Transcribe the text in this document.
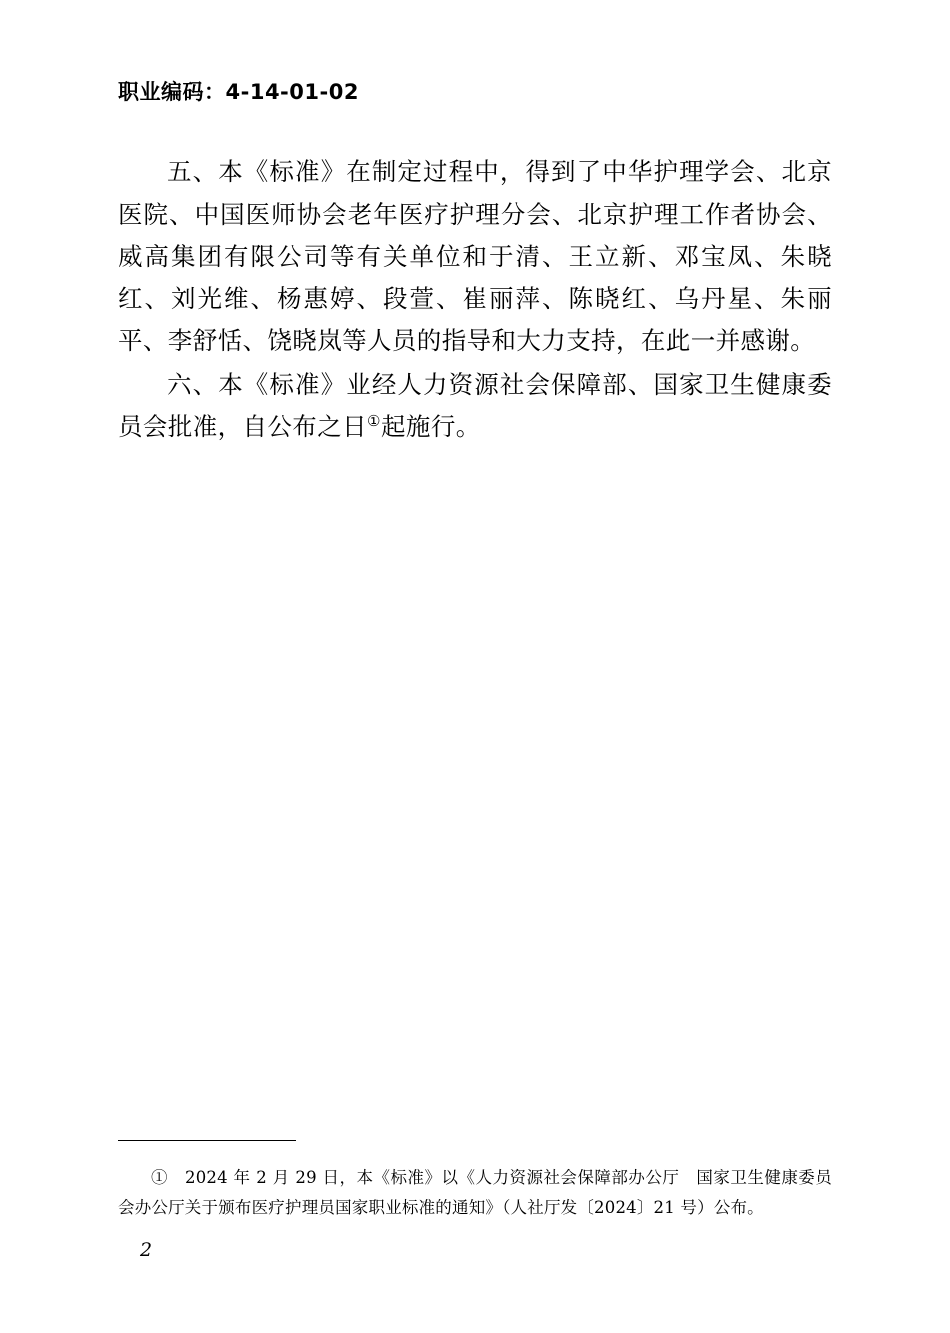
职业编码：4-14-01-02

五、本《标准》在制定过程中，得到了中华护理学会、北京医院、中国医师协会老年医疗护理分会、北京护理工作者协会、威高集团有限公司等有关单位和于清、王立新、邓宝凤、朱晓红、刘光维、杨惠婷、段萱、崔丽萍、陈晓红、乌丹星、朱丽平、李舒恬、饶晓岚等人员的指导和大力支持，在此一并感谢。

六、本《标准》业经人力资源社会保障部、国家卫生健康委员会批准，自公布之日①起施行。

①　 2024 年 2 月 29 日，本《标准》以《人力资源社会保障部办公厅　国家卫生健康委员会办公厅关于颁布医疗护理员国家职业标准的通知》（人社厅发〔2024〕21 号）公布。

2
